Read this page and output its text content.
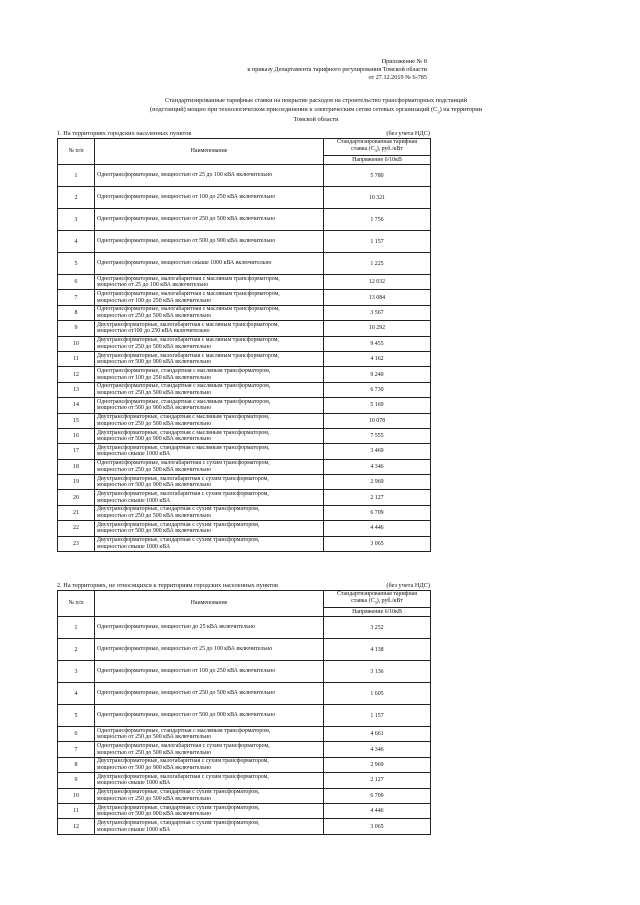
Приложение № 8
к приказу Департамента тарифного регулирования Томской области
от 27.12.2019 № 6-785
Стандартизированные тарифные ставки на покрытие расходов на строительство трансформаторных подстанций
(подстанций) мощно при технологическом присоединении к электрическим сетям сетевых организаций $(С_3)$ на территории
Томской области
1. На территориях городских населенных пунктов	(без учета НДС)
№ п/п	Наименование	Стандартизированная тарифная
ставка $(С_3)$, руб./кВт
		Напряжение 6/10кВ
1	Однотрансформаторные, мощностью от 25 до 100 кВА включительно	5 780
2	Однотрансформаторные, мощностью от 100 до 250 кВА включительно	10 321
3	Однотрансформаторные, мощностью от 250 до 500 кВА включительно	1 756
4	Однотрансформаторные, мощностью от 500 до 900 кВА включительно	1 157
5	Однотрансформаторные, мощностью свыше 1000 кВА включительно	1 225
6	Однотрансформаторные, малогабаритная с масляным трансформатором,
мощностью от 25 до 100 кВА включительно	12 032
7	Однотрансформаторные, малогабаритная с масляным трансформатором,
мощностью от 100 до 250 кВА включительно	13 084
8	Однотрансформаторные, малогабаритная с масляным трансформатором,
мощностью от 250 до 500 кВА включительно	3 567
9	Двухтрансформаторные, малогабаритная с масляным трансформатором,
мощностью от100 до 250 кВА включительно	10 292
10	Двухтрансформаторные, малогабаритная с масляным трансформатором,
мощностью от 250 до 500 кВА включительно	9 455
11	Двухтрансформаторные, малогабаритная с масляным трансформатором,
мощностью от 500 до 900 кВА включительно	4 162
12	Однотрансформаторные, стандартная с масляным трансформатором,
мощностью от 100 до 250 кВА включительно	9 240
13	Однотрансформаторные, стандартная с масляным трансформатором,
мощностью от 250 до 500 кВА включительно	6 730
14	Однотрансформаторные, стандартная с масляным трансформатором,
мощностью от 500 до 900 кВА включительно	5 169
15	Двухтрансформаторные, стандартная с масляным трансформатором,
мощностью от 250 до 500 кВА включительно	10 078
16	Двухтрансформаторные, стандартная с масляным трансформатором,
мощностью от 500 до 900 кВА включительно	7 555
17	Двухтрансформаторные, стандартная с масляным трансформатором,
мощностью свыше 1000 кВА	3 469
18	Однотрансформаторные, малогабаритная с сухим трансформатором,
мощностью от 250 до 500 кВА включительно	4 346
19	Двухтрансформаторные, малогабаритная с сухим трансформатором,
мощностью от 500 до 900 кВА включительно	2 969
20	Двухтрансформаторные, малогабаритная с сухим трансформатором,
мощностью свыше 1000 кВА	2 127
21	Двухтрансформаторные, стандартная с сухим трансформатором,
мощностью от 250 до 500 кВА включительно	6 709
22	Двухтрансформаторные, стандартная с сухим трансформатором,
мощностью от 500 до 900 кВА включительно	4 446
23	Двухтрансформаторные, стандартная с сухим трансформатором,
мощностью свыше 1000 кВА	3 065
2. На территориях, не относящихся к территориям городских населенных пунктов	(без учета НДС)
№ п/п	Наименование	Стандартизированная тарифная
ставка $(С_3)$, руб./кВт
		Напряжение 6/10кВ
1	Однотрансформаторные, мощностью до 25 кВА включительно	3 252
2	Однотрансформаторные, мощностью от 25 до 100 кВА включительно	4 138
3	Однотрансформаторные, мощностью от 100 до 250 кВА включительно	3 136
4	Однотрансформаторные, мощностью от 250 до 500 кВА включительно	1 605
5	Однотрансформаторные, мощностью от 500 до 900 кВА включительно	1 157
6	Однотрансформаторные, стандартная с масляным трансформатором,
мощностью от 250 до 500 кВА включительно	4 661
7	Однотрансформаторные, малогабаритная с сухим трансформатором,
мощностью от 250 до 500 кВА включительно	4 346
8	Двухтрансформаторные, малогабаритная с сухим трансформатором,
мощностью от 500 до 900 кВА включительно	2 969
9	Двухтрансформаторные, малогабаритная с сухим трансформатором,
мощностью свыше 1000 кВА	2 127
10	Двухтрансформаторные, стандартная с сухим трансформатором,
мощностью от 250 до 500 кВА включительно	6 709
11	Двухтрансформаторные, стандартная с сухим трансформатором,
мощностью от 500 до 900 кВА включительно	4 446
12	Двухтрансформаторные, стандартная с сухим трансформатором,
мощностью свыше 1000 кВА	3 065
